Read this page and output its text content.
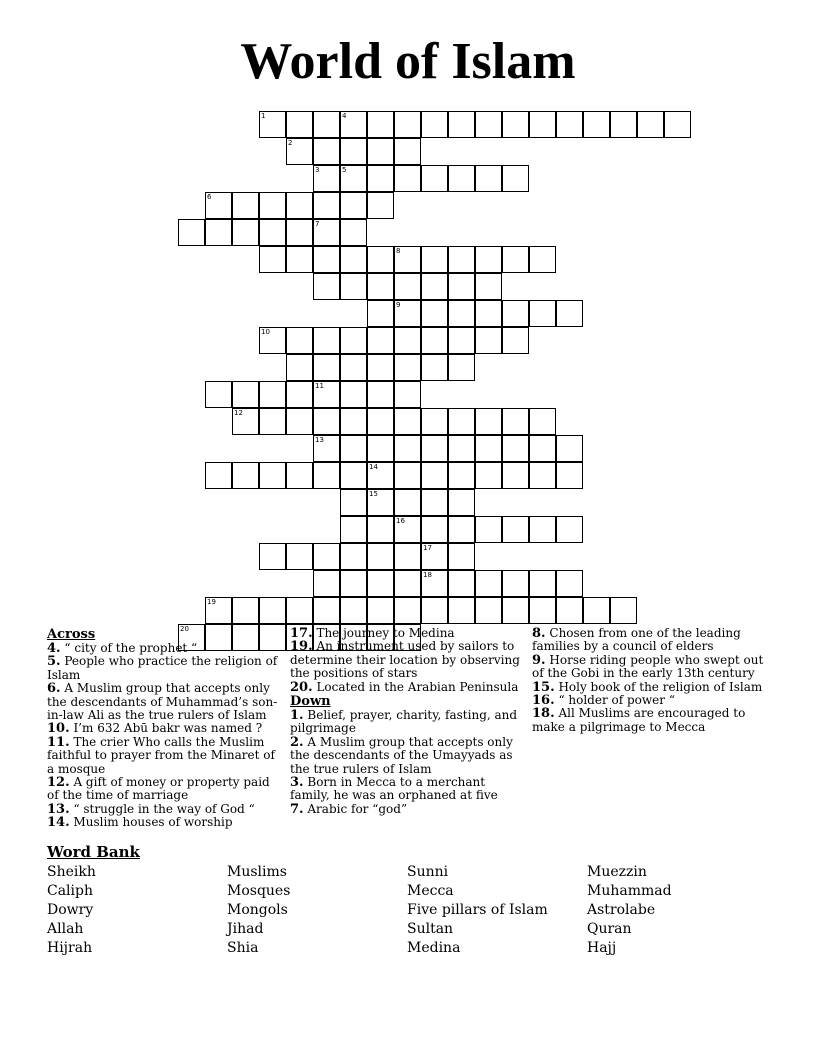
World of Islam
1	4
2
3	5
6
7
8
9
10
11
12
13
14
15
16
17
18
19
20
Across

4. “ city of the prophet “

5. People who practice the religion of Islam

6. A Muslim group that accepts only the descendants of Muhammad’s son-in-law Ali as the true rulers of Islam

10. I’m 632 Abū bakr was named ?

11. The crier Who calls the Muslim faithful to prayer from the Minaret of a mosque

12. A gift of money or property paid of the time of marriage

13. “ struggle in the way of God “

14. Muslim houses of worship

17. The journey to Medina

19. An instrument used by sailors to determine their location by observing the positions of stars

20. Located in the Arabian Peninsula

Down

1. Belief, prayer, charity, fasting, and pilgrimage

2. A Muslim group that accepts only the descendants of the Umayyads as the true rulers of Islam

3. Born in Mecca to a merchant family, he was an orphaned at five

7. Arabic for “god”

8. Chosen from one of the leading families by a council of elders

9. Horse riding people who swept out of the Gobi in the early 13th century

15. Holy book of the religion of Islam

16. “ holder of power “

18. All Muslims are encouraged to make a pilgrimage to Mecca

Word Bank
Sheikh	Muslims	Sunni	Muezzin
Caliph	Mosques	Mecca	Muhammad
Dowry	Mongols	Five pillars of Islam	Astrolabe
Allah	Jihad	Sultan	Quran
Hijrah	Shia	Medina	Hajj
